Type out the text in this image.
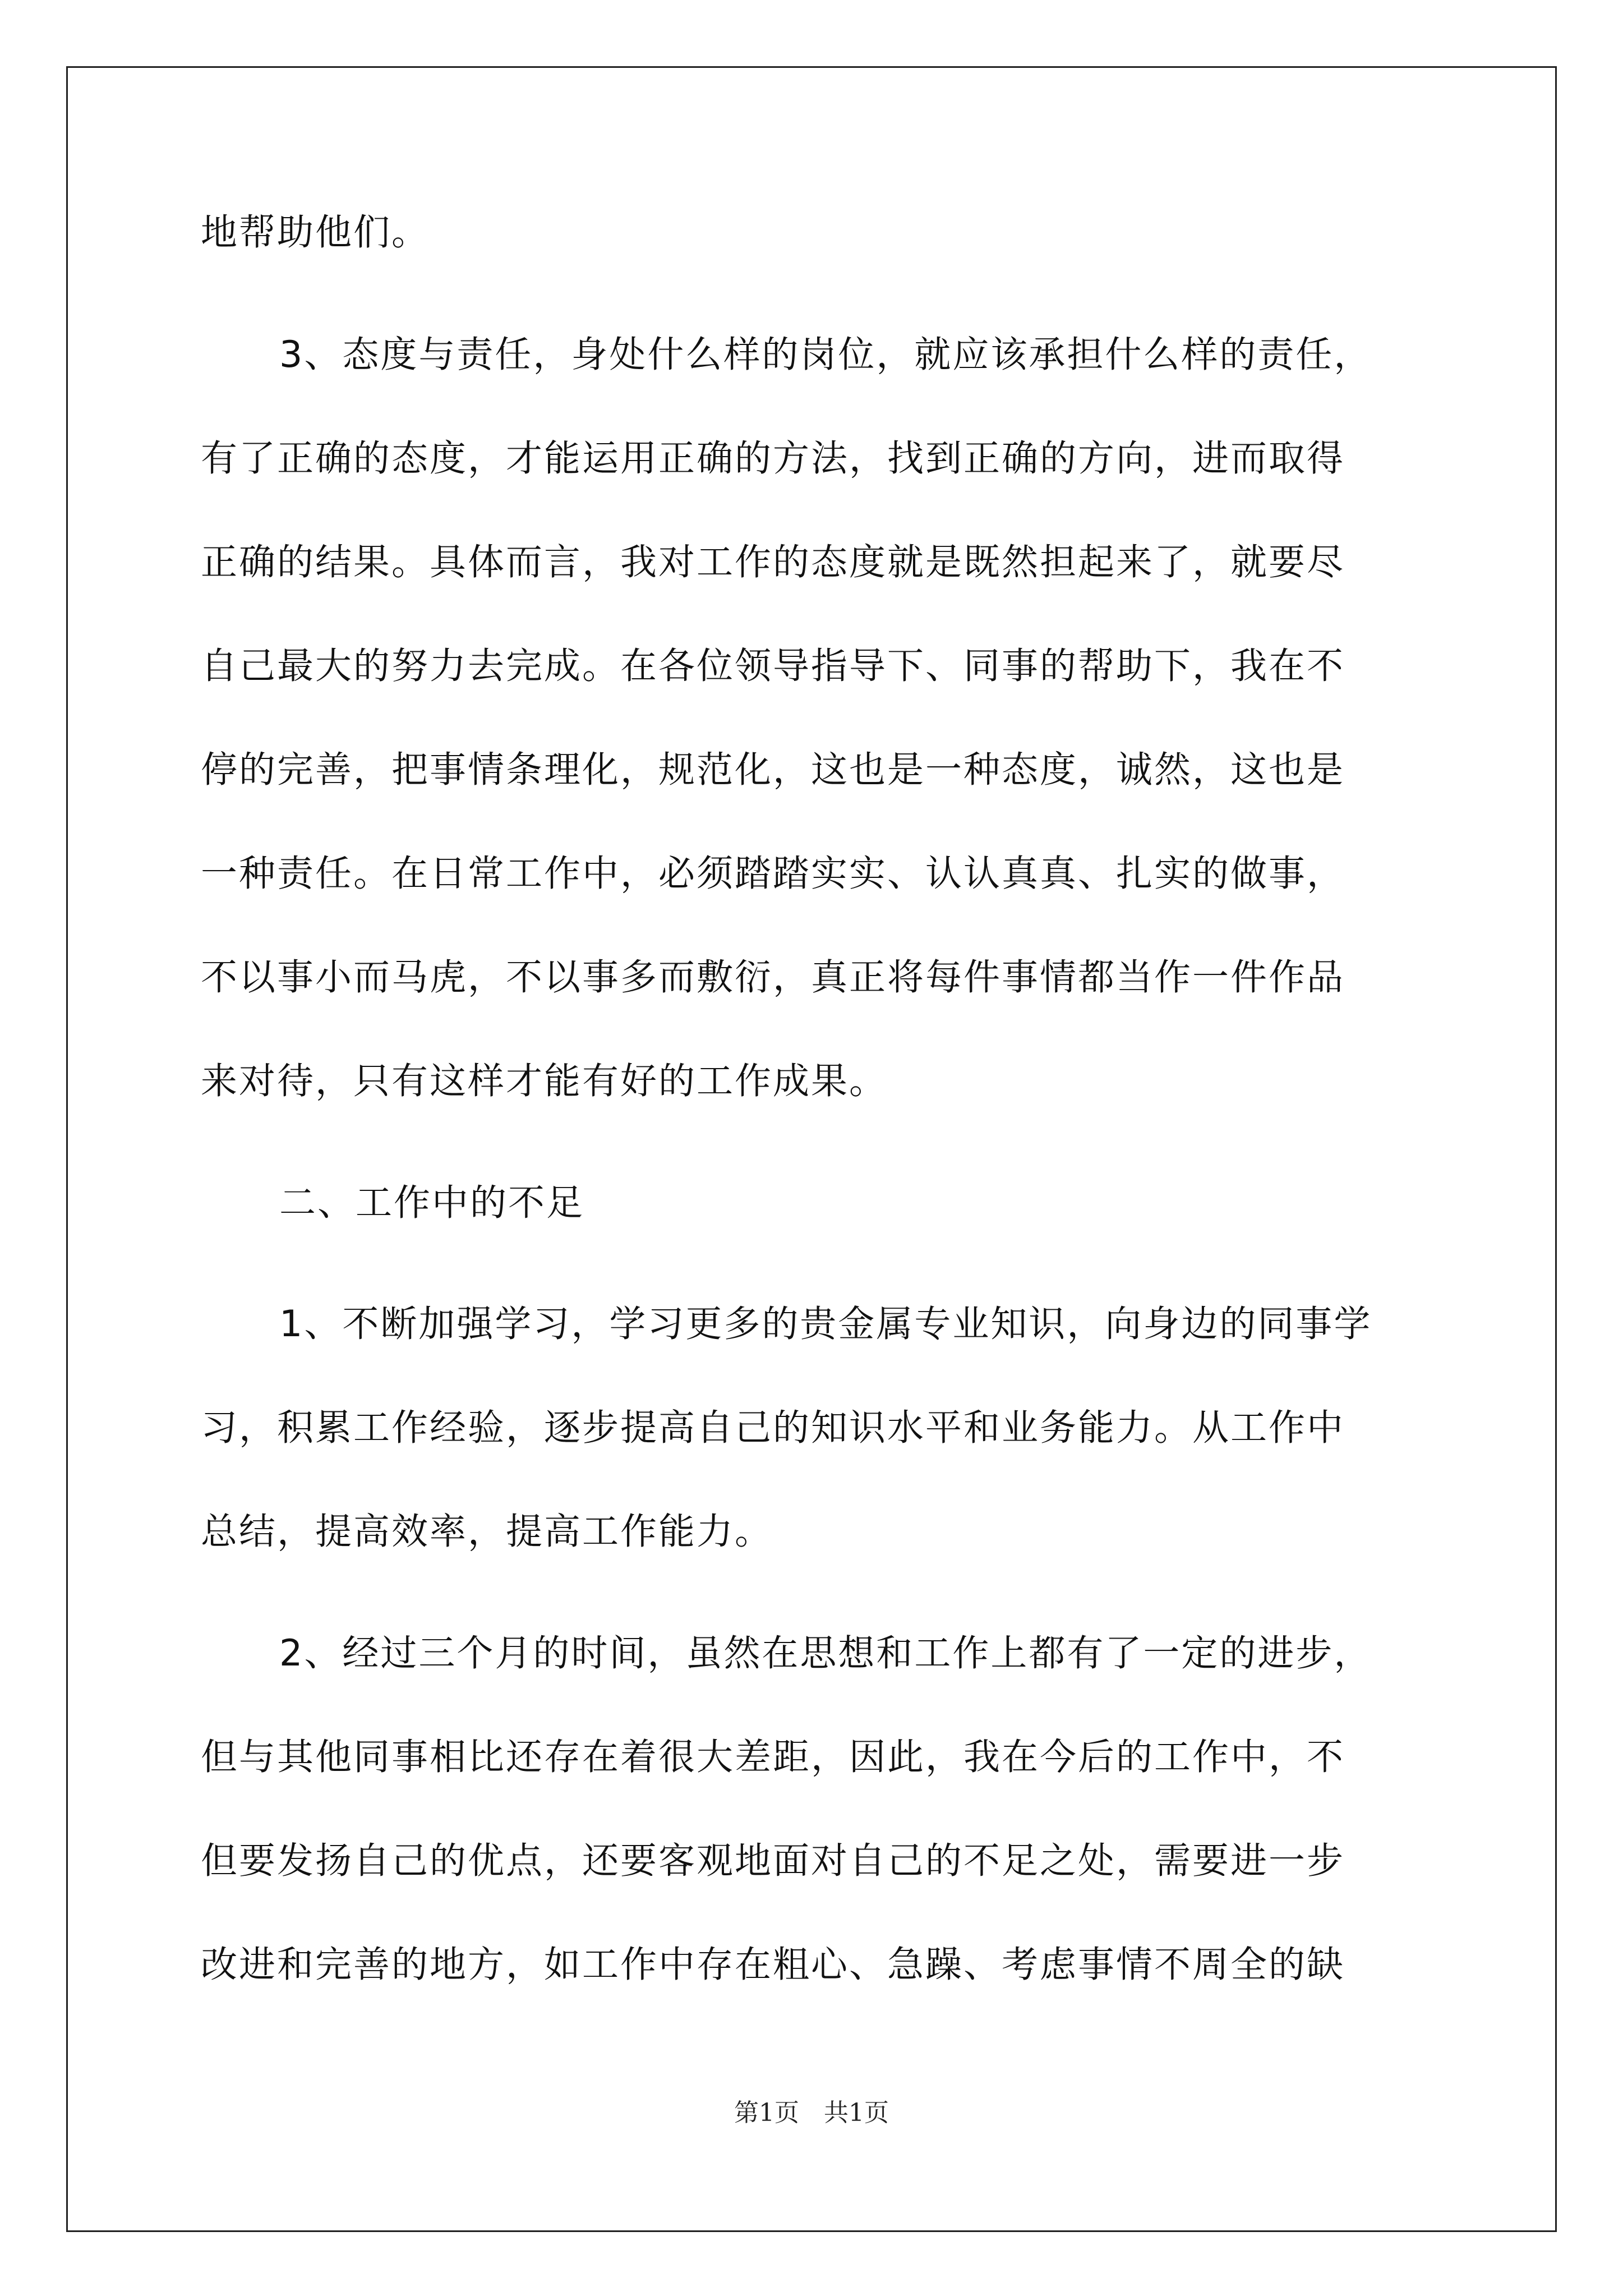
地帮助他们。
3、态度与责任，身处什么样的岗位，就应该承担什么样的责任，
有了正确的态度，才能运用正确的方法，找到正确的方向，进而取得
正确的结果。具体而言，我对工作的态度就是既然担起来了，就要尽
自己最大的努力去完成。在各位领导指导下、同事的帮助下，我在不
停的完善，把事情条理化，规范化，这也是一种态度，诚然，这也是
一种责任。在日常工作中，必须踏踏实实、认认真真、扎实的做事，
不以事小而马虎，不以事多而敷衍，真正将每件事情都当作一件作品
来对待，只有这样才能有好的工作成果。
二、工作中的不足
1、不断加强学习，学习更多的贵金属专业知识，向身边的同事学
习，积累工作经验，逐步提高自己的知识水平和业务能力。从工作中
总结，提高效率，提高工作能力。
2、经过三个月的时间，虽然在思想和工作上都有了一定的进步，
但与其他同事相比还存在着很大差距，因此，我在今后的工作中，不
但要发扬自己的优点，还要客观地面对自己的不足之处，需要进一步
改进和完善的地方，如工作中存在粗心、急躁、考虑事情不周全的缺
第1页　共1页
